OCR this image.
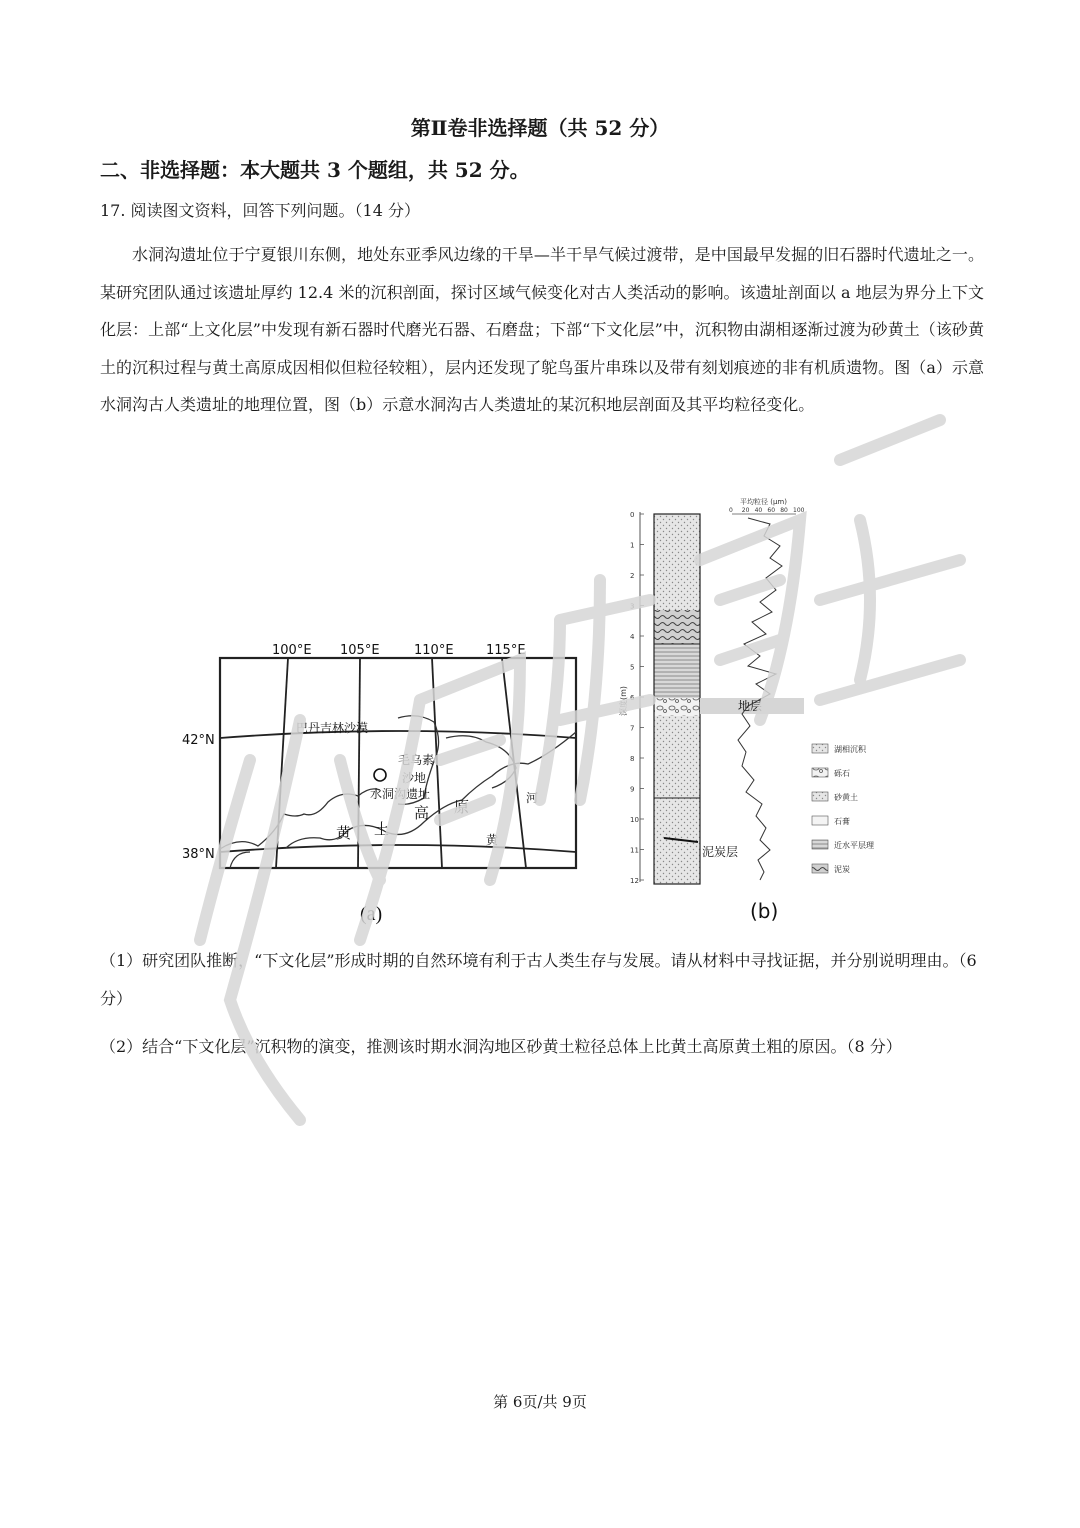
第Ⅱ卷非选择题（共 52 分）
二、非选择题：本大题共 3 个题组，共 52 分。
17. 阅读图文资料，回答下列问题。（14 分）

水洞沟遗址位于宁夏银川东侧，地处东亚季风边缘的干旱—半干旱气候过渡带，是中国最早发掘的旧石器时代遗址之一。某研究团队通过该遗址厚约 12.4 米的沉积剖面，探讨区域气候变化对古人类活动的影响。该遗址剖面以 a 地层为界分上下文化层：上部“上文化层”中发现有新石器时代磨光石器、石磨盘；下部“下文化层”中，沉积物由湖相逐渐过渡为砂黄土（该砂黄土的沉积过程与黄土高原成因相似但粒径较粗），层内还发现了鸵鸟蛋片串珠以及带有刻划痕迹的非有机质遗物。图（a）示意水洞沟古人类遗址的地理位置，图（b）示意水洞沟古人类遗址的某沉积地层剖面及其平均粒径变化。

100°E 105°E	110°E 115°E
42°N
38°N
巴丹吉林沙漠
毛乌素
沙地
水洞沟遗址
黄 土
高 原
黄
河
(a)
0
1
2
3
4
5
6
7
8
9
10
11
12
深度(m)	地层
泥炭层
平均粒径 (μm)
0 20 40 60 80 100
湖相沉积
砾石
砂黄土
石膏
近水平层理
泥炭
(b)
（1）研究团队推断，“下文化层”形成时期的自然环境有利于古人类生存与发展。请从材料中寻找证据，并分别说明理由。（6 分）
（2）结合“下文化层”沉积物的演变，推测该时期水洞沟地区砂黄土粒径总体上比黄土高原黄土粗的原因。（8 分）
第 6页/共 9页
